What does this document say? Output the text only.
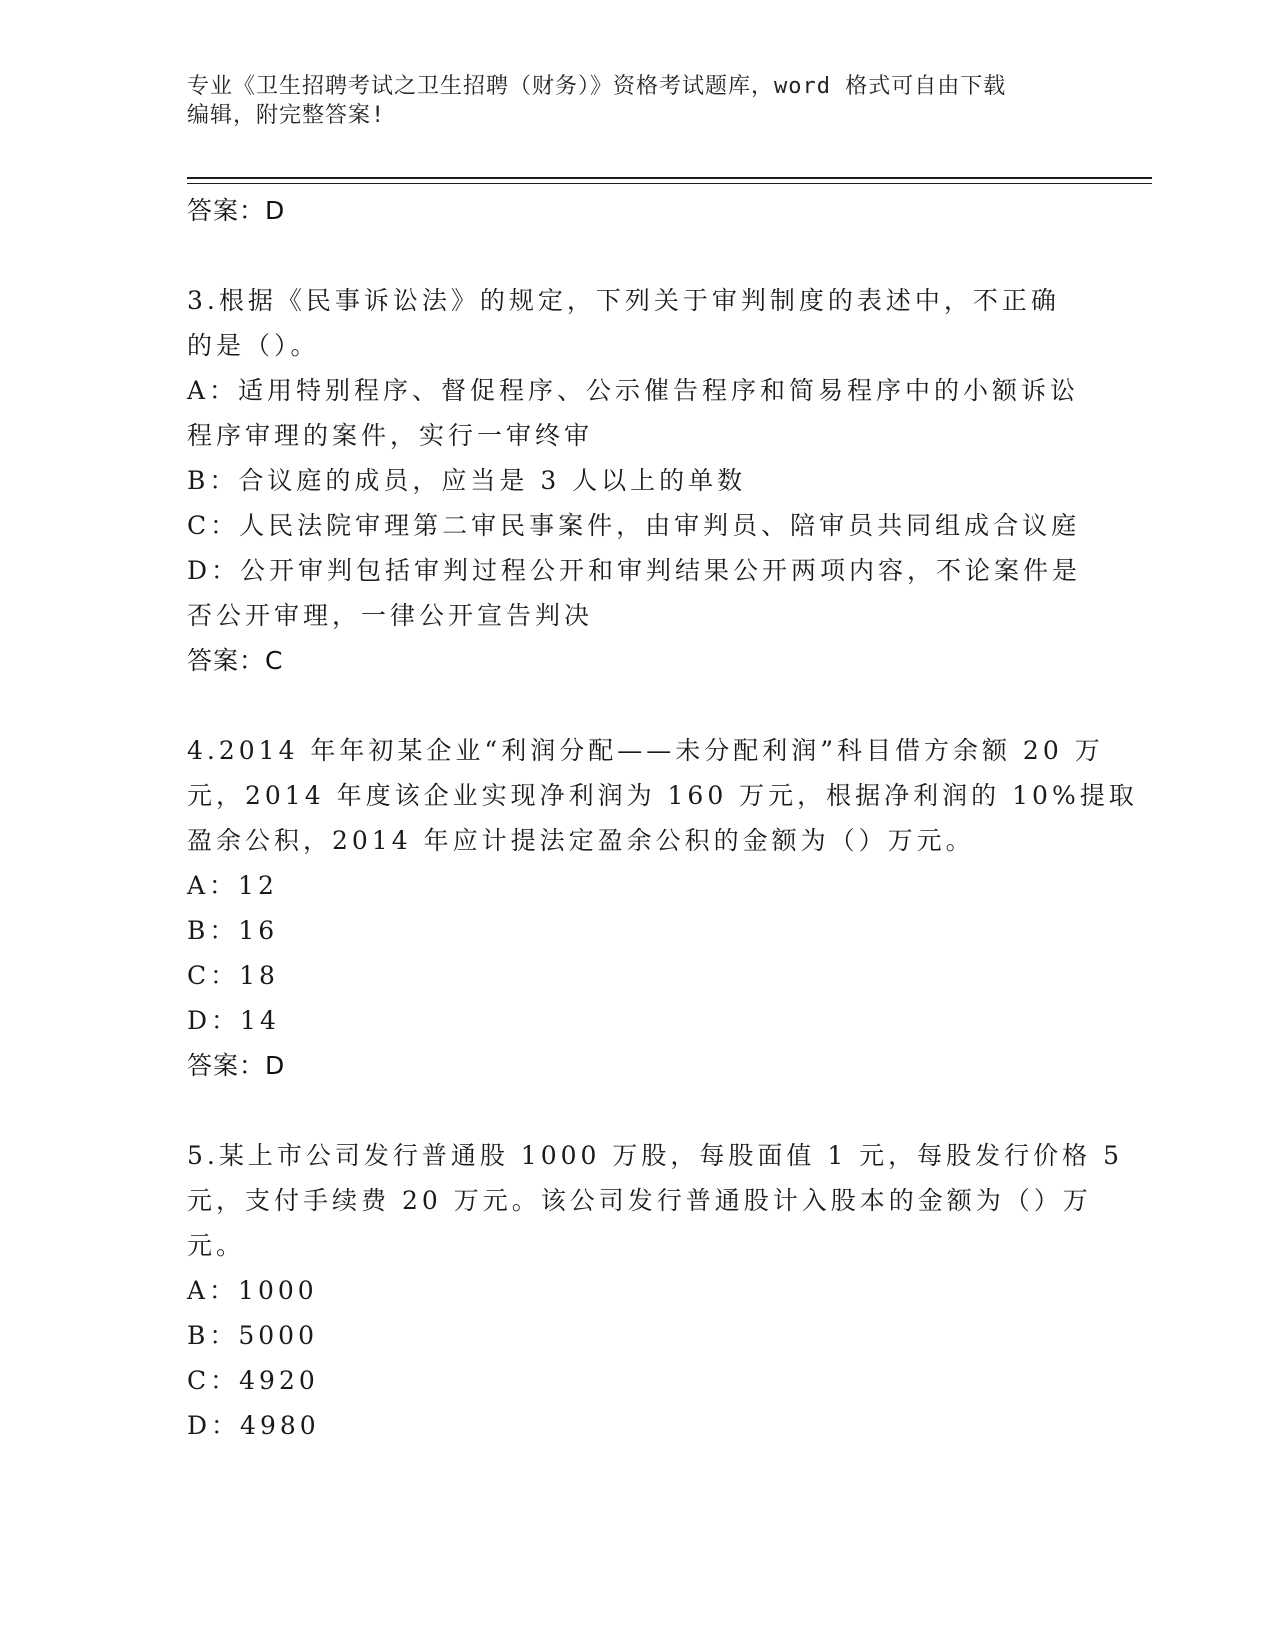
专业《卫生招聘考试之卫生招聘（财务）》资格考试题库，word 格式可自由下载
编辑，附完整答案!
答案：D
3.根据《民事诉讼法》的规定，下列关于审判制度的表述中，不正确
的是（）。
A：适用特别程序、督促程序、公示催告程序和简易程序中的小额诉讼
程序审理的案件，实行一审终审
B：合议庭的成员，应当是 3 人以上的单数
C：人民法院审理第二审民事案件，由审判员、陪审员共同组成合议庭
D：公开审判包括审判过程公开和审判结果公开两项内容，不论案件是
否公开审理，一律公开宣告判决
答案：C
4.2014 年年初某企业“利润分配——未分配利润”科目借方余额 20 万
元，2014 年度该企业实现净利润为 160 万元，根据净利润的 10%提取
盈余公积，2014 年应计提法定盈余公积的金额为（）万元。
A：12
B：16
C：18
D：14
答案：D
5.某上市公司发行普通股 1000 万股，每股面值 1 元，每股发行价格 5
元，支付手续费 20 万元。该公司发行普通股计入股本的金额为（）万
元。
A：1000
B：5000
C：4920
D：4980
